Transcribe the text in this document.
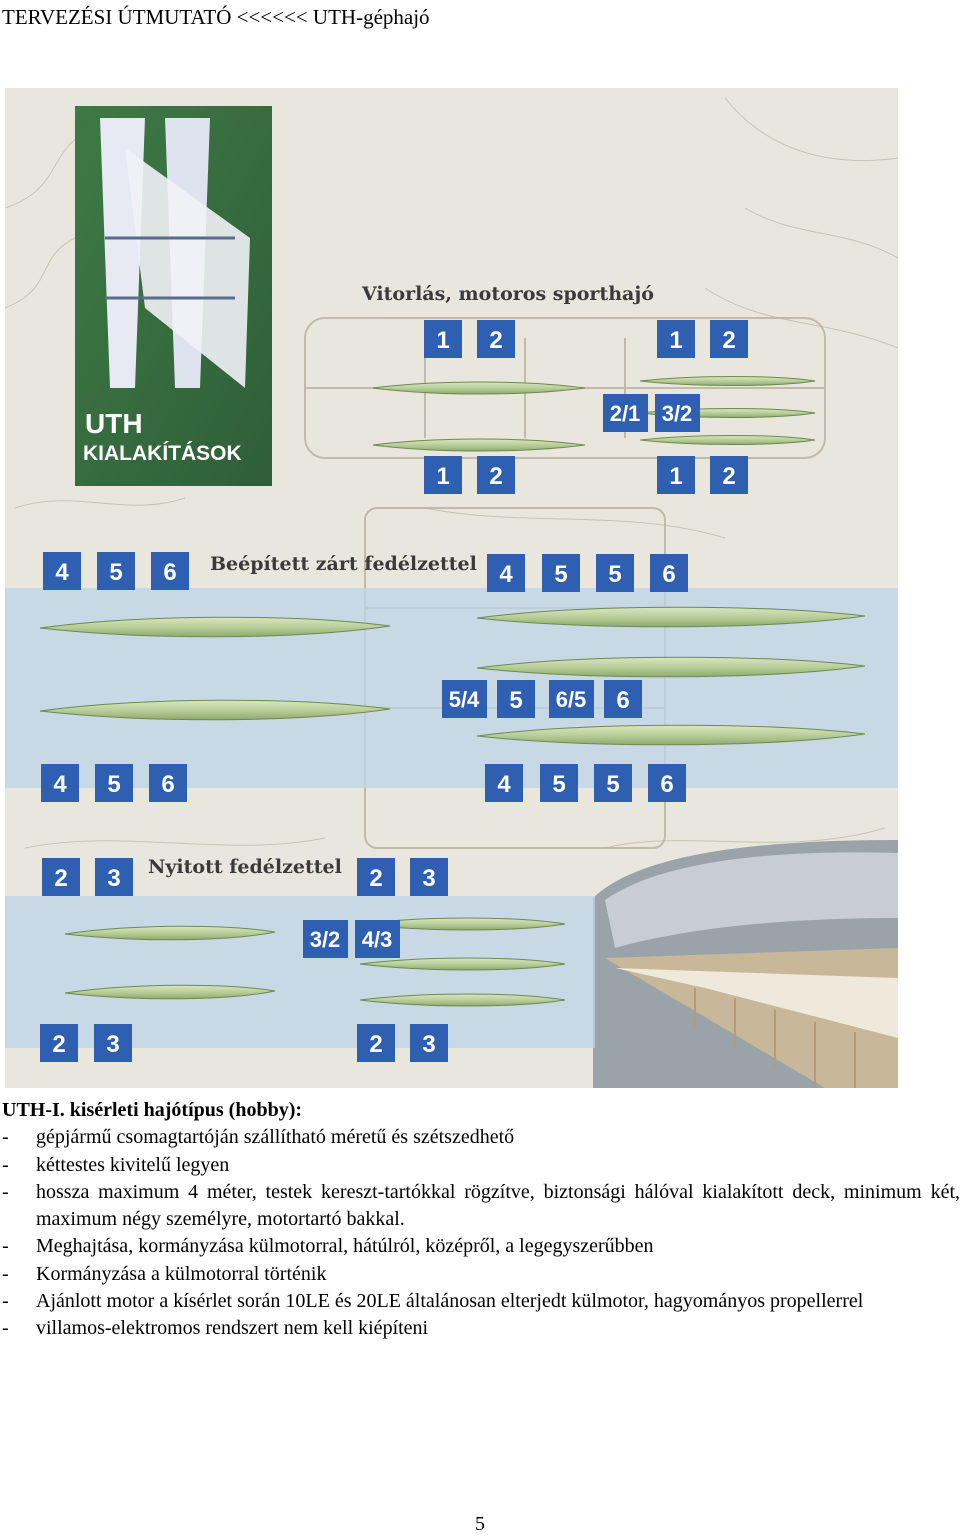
TERVEZÉSI ÚTMUTATÓ <<<<<< UTH-géphajó
UTH
KIALAKÍTÁSOK
Vitorlás, motoros sporthajó
1 2	1 2
2/1 3/2
1 2	1 2
Beépített zárt fedélzettel
4 5 6	4 5 5 6
5/4 5 6/5 6
4 5 6	4 5 5 6
Nyitott fedélzettel
2 3	2 3
3/2 4/3
2 3	2 3
UTH-I. kisérleti hajótípus (hobby):
-	gépjármű csomagtartóján szállítható méretű és szétszedhető
-	kéttestes kivitelű legyen
-	hossza maximum 4 méter, testek kereszt-tartókkal rögzítve, biztonsági hálóval kialakított deck, minimum két, maximum négy személyre, motortartó bakkal.
-	Meghajtása, kormányzása külmotorral, hátúlról, középről, a legegyszerűbben
-	Kormányzása a külmotorral történik
-	Ajánlott motor a kísérlet során 10LE és 20LE általánosan elterjedt külmotor, hagyományos propellerrel
-	villamos-elektromos rendszert nem kell kiépíteni
5
